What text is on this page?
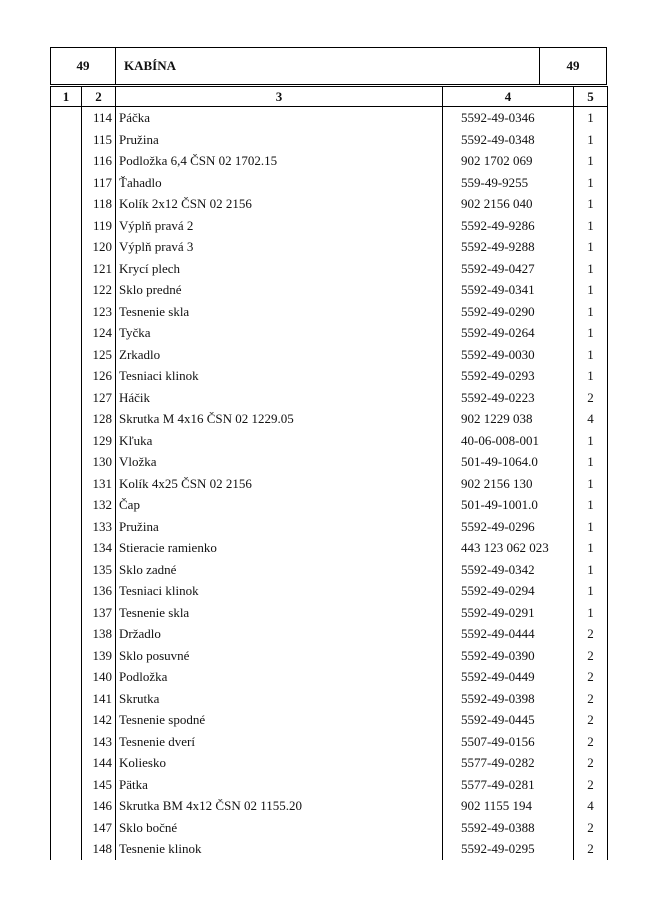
49	KABÍNA	49
1	2	3	4	5
	114	Páčka	5592-49-0346	1
	115	Pružina	5592-49-0348	1
	116	Podložka 6,4 ČSN 02 1702.15	902 1702 069	1
	117	Ťahadlo	559-49-9255	1
	118	Kolík 2x12 ČSN 02 2156	902 2156 040	1
	119	Výplň pravá 2	5592-49-9286	1
	120	Výplň pravá 3	5592-49-9288	1
	121	Krycí plech	5592-49-0427	1
	122	Sklo predné	5592-49-0341	1
	123	Tesnenie skla	5592-49-0290	1
	124	Tyčka	5592-49-0264	1
	125	Zrkadlo	5592-49-0030	1
	126	Tesniaci klinok	5592-49-0293	1
	127	Háčik	5592-49-0223	2
	128	Skrutka M 4x16 ČSN 02 1229.05	902 1229 038	4
	129	Kľuka	40-06-008-001	1
	130	Vložka	501-49-1064.0	1
	131	Kolík 4x25 ČSN 02 2156	902 2156 130	1
	132	Čap	501-49-1001.0	1
	133	Pružina	5592-49-0296	1
	134	Stieracie ramienko	443 123 062 023	1
	135	Sklo zadné	5592-49-0342	1
	136	Tesniaci klinok	5592-49-0294	1
	137	Tesnenie skla	5592-49-0291	1
	138	Držadlo	5592-49-0444	2
	139	Sklo posuvné	5592-49-0390	2
	140	Podložka	5592-49-0449	2
	141	Skrutka	5592-49-0398	2
	142	Tesnenie spodné	5592-49-0445	2
	143	Tesnenie dverí	5507-49-0156	2
	144	Koliesko	5577-49-0282	2
	145	Pätka	5577-49-0281	2
	146	Skrutka BM 4x12 ČSN 02 1155.20	902 1155 194	4
	147	Sklo bočné	5592-49-0388	2
	148	Tesnenie klinok	5592-49-0295	2
